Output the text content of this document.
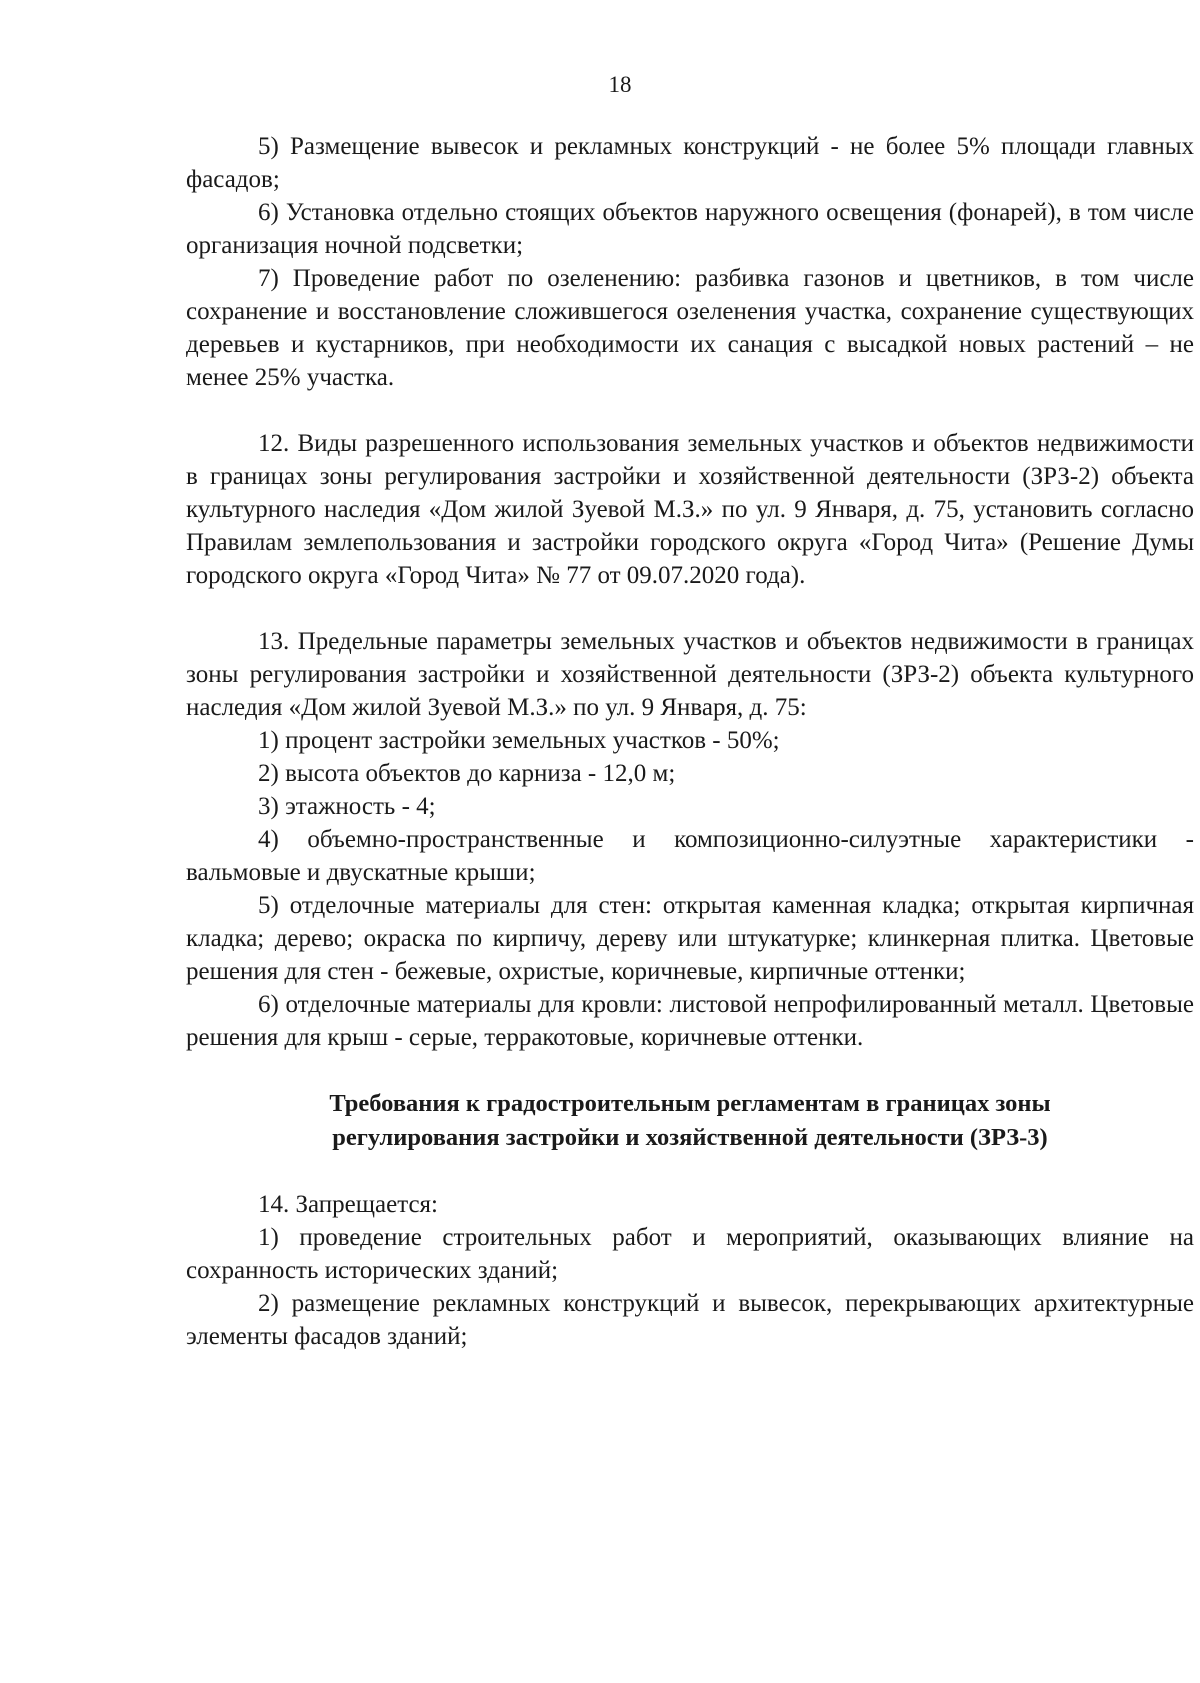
18

5) Размещение вывесок и рекламных конструкций - не более 5% площади главных фасадов;

6) Установка отдельно стоящих объектов наружного освещения (фонарей), в том числе организация ночной подсветки;

7) Проведение работ по озеленению: разбивка газонов и цветников, в том числе сохранение и восстановление сложившегося озеленения участка, сохранение существующих деревьев и кустарников, при необходимости их санация с высадкой новых растений – не менее 25% участка.

12. Виды разрешенного использования земельных участков и объектов недвижимости в границах зоны регулирования застройки и хозяйственной деятельности (ЗРЗ-2) объекта культурного наследия «Дом жилой Зуевой М.З.» по ул. 9 Января, д. 75, установить согласно Правилам землепользования и застройки городского округа «Город Чита» (Решение Думы городского округа «Город Чита» № 77 от 09.07.2020 года).

13. Предельные параметры земельных участков и объектов недвижимости в границах зоны регулирования застройки и хозяйственной деятельности (ЗРЗ-2) объекта культурного наследия «Дом жилой Зуевой М.З.» по ул. 9 Января, д. 75:

1) процент застройки земельных участков - 50%;

2) высота объектов до карниза - 12,0 м;

3) этажность - 4;

4) объемно-пространственные и композиционно-силуэтные характеристики - вальмовые и двускатные крыши;

5) отделочные материалы для стен: открытая каменная кладка; открытая кирпичная кладка; дерево; окраска по кирпичу, дереву или штукатурке; клинкерная плитка. Цветовые решения для стен - бежевые, охристые, коричневые, кирпичные оттенки;

6) отделочные материалы для кровли: листовой непрофилированный металл. Цветовые решения для крыш - серые, терракотовые, коричневые оттенки.

Требования к градостроительным регламентам в границах зоны
регулирования застройки и хозяйственной деятельности (ЗРЗ-3)

14. Запрещается:

1) проведение строительных работ и мероприятий, оказывающих влияние на сохранность исторических зданий;

2) размещение рекламных конструкций и вывесок, перекрывающих архитектурные элементы фасадов зданий;
